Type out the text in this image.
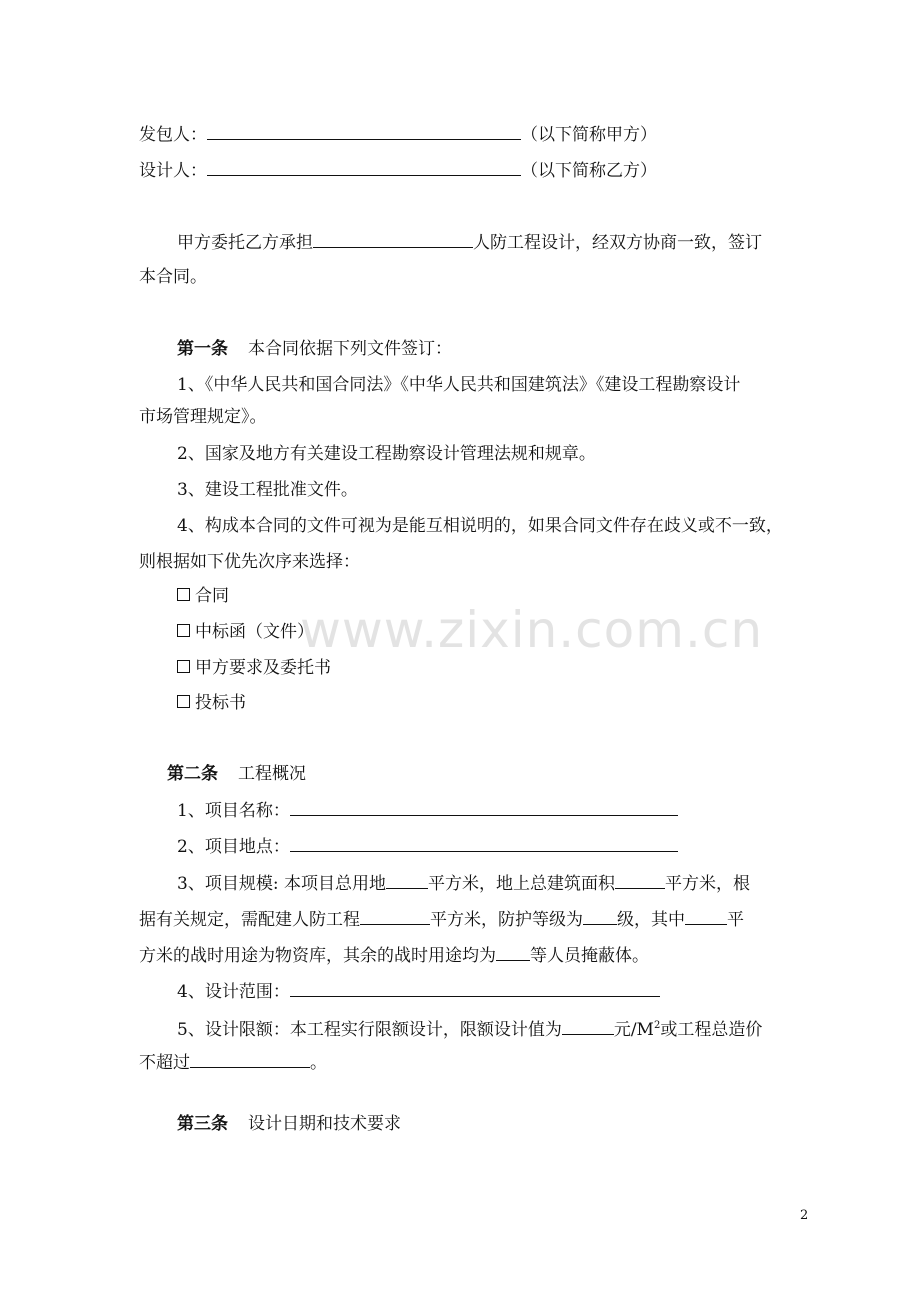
www.zixin.com.cn
发包人：	（以下简称甲方）
设计人：	（以下简称乙方）
甲方委托乙方承担	人防工程设计，经双方协商一致，签订
本合同。
第一条 本合同依据下列文件签订：
1、《中华人民共和国合同法》《中华人民共和国建筑法》《建设工程勘察设计
市场管理规定》。
2、国家及地方有关建设工程勘察设计管理法规和规章。
3、建设工程批准文件。
4、构成本合同的文件可视为是能互相说明的，如果合同文件存在歧义或不一致，
则根据如下优先次序来选择：
合同
中标函（文件）
甲方要求及委托书
投标书
第二条 工程概况
1、项目名称：
2、项目地点：
3、项目规模: 本项目总用地 平方米，地上总建筑面积	平方米，根
据有关规定，需配建人防工程	平方米，防护等级为 级，其中 平
方米的战时用途为物资库，其余的战时用途均为 等人员掩蔽体。
4、设计范围：
5、设计限额：本工程实行限额设计，限额设计值为	元$/M^2$或工程总造价
不超过	。
第三条 设计日期和技术要求
2
